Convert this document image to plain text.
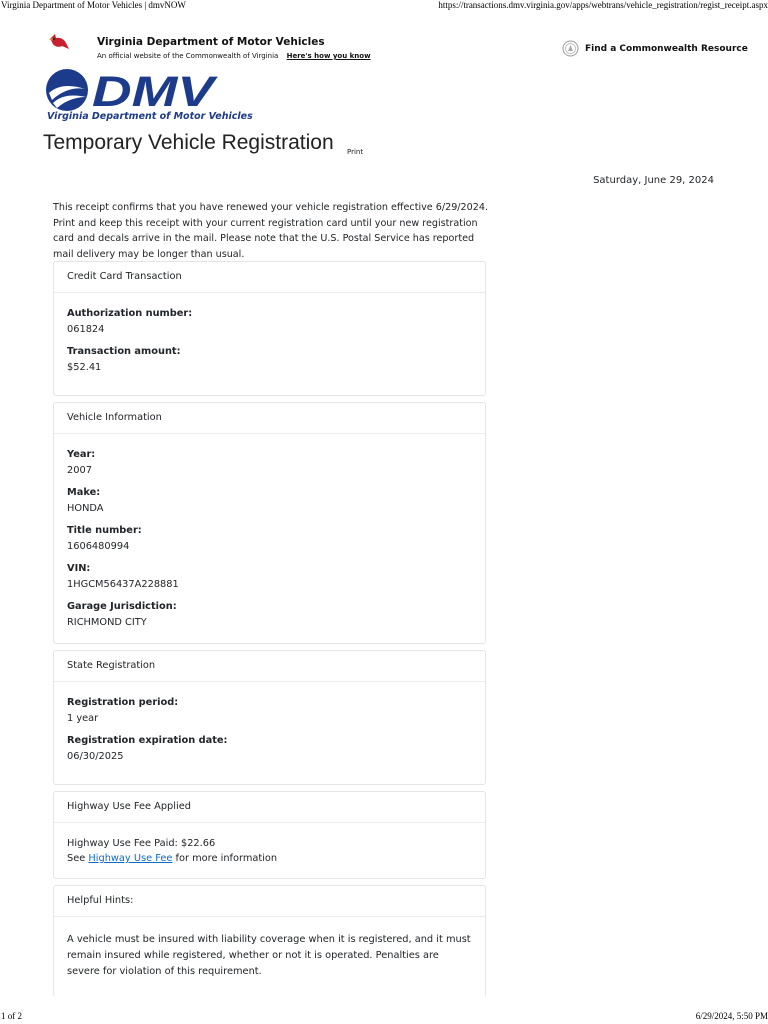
Virginia Department of Motor Vehicles | dmvNOW	https://transactions.dmv.virginia.gov/apps/webtrans/vehicle_registration/regist_receipt.aspx
Virginia Department of Motor Vehicles
An official website of the Commonwealth of Virginia Here's how you know
Find a Commonwealth Resource
DMV
Virginia Department of Motor Vehicles
Temporary Vehicle Registration Print
Saturday, June 29, 2024

This receipt confirms that you have renewed your vehicle registration effective 6/29/2024. Print and keep this receipt with your current registration card until your new registration card and decals arrive in the mail. Please note that the U.S. Postal Service has reported mail delivery may be longer than usual.

Credit Card Transaction
Authorization number:
061824
Transaction amount:
$52.41
Vehicle Information
Year:
2007
Make:
HONDA
Title number:
1606480994
VIN:
1HGCM56437A228881
Garage Jurisdiction:
RICHMOND CITY
State Registration
Registration period:
1 year
Registration expiration date:
06/30/2025
Highway Use Fee Applied
Highway Use Fee Paid: $22.66
See Highway Use Fee for more information
Helpful Hints:
A vehicle must be insured with liability coverage when it is registered, and it must remain insured while registered, whether or not it is operated. Penalties are severe for violation of this requirement.
1 of 2	6/29/2024, 5:50 PM
